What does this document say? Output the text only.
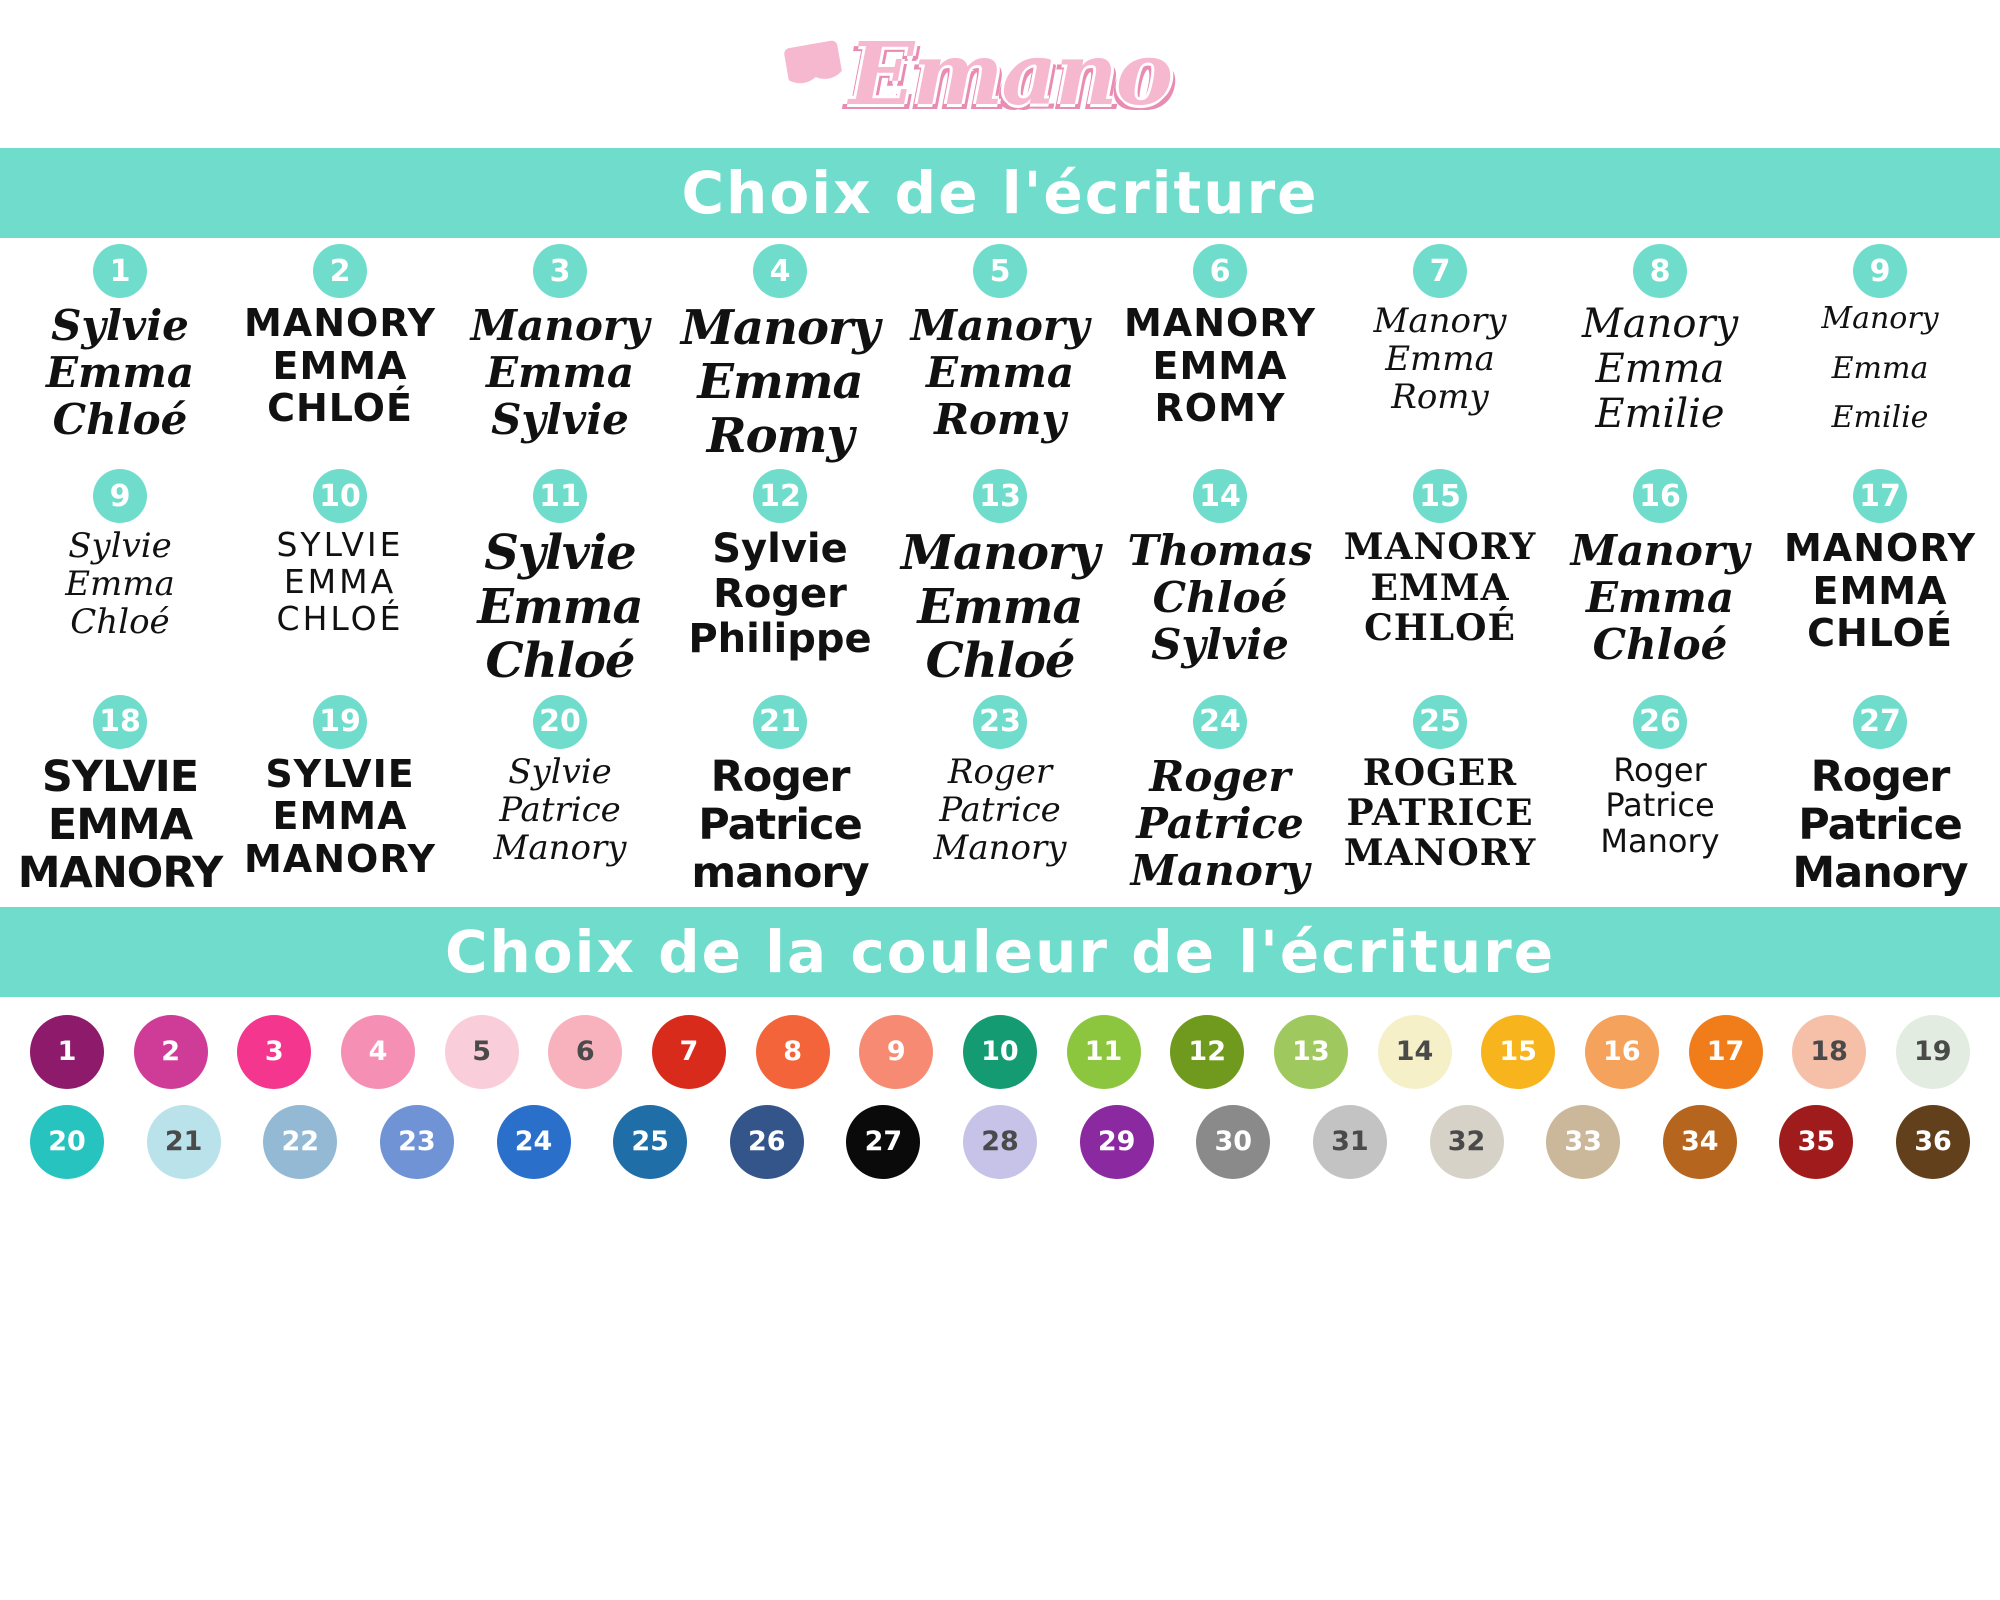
Emano
Choix de l'écriture
1
Sylvie
Emma
Chloé
2
MANORY
EMMA
CHLOÉ
3
Manory
Emma
Sylvie
4
Manory
Emma
Romy
5
Manory
Emma
Romy
6
MANORY
EMMA
ROMY
7
Manory
Emma
Romy
8
Manory
Emma
Emilie
9
Manory
Emma
Emilie
9
Sylvie
Emma
Chloé
10
SYLVIE
EMMA
CHLOÉ
11
Sylvie
Emma
Chloé
12
Sylvie
Roger
Philippe
13
Manory
Emma
Chloé
14
Thomas
Chloé
Sylvie
15
MANORY
EMMA
CHLOÉ
16
Manory
Emma
Chloé
17
MANORY
EMMA
CHLOÉ
18
SYLVIE
EMMA
MANORY
19
SYLVIE
EMMA
MANORY
20
Sylvie
Patrice
Manory
21
Roger
Patrice
manory
23
Roger
Patrice
Manory
24
Roger
Patrice
Manory
25
ROGER
PATRICE
MANORY
26
Roger
Patrice
Manory
27
Roger
Patrice
Manory
Choix de la couleur de l'écriture
1	2	3	4	5	6	7	8	9	10	11	12	13	14	15	16	17	18	19
20	21	22	23	24	25	26	27	28	29	30	31	32	33	34	35	36
